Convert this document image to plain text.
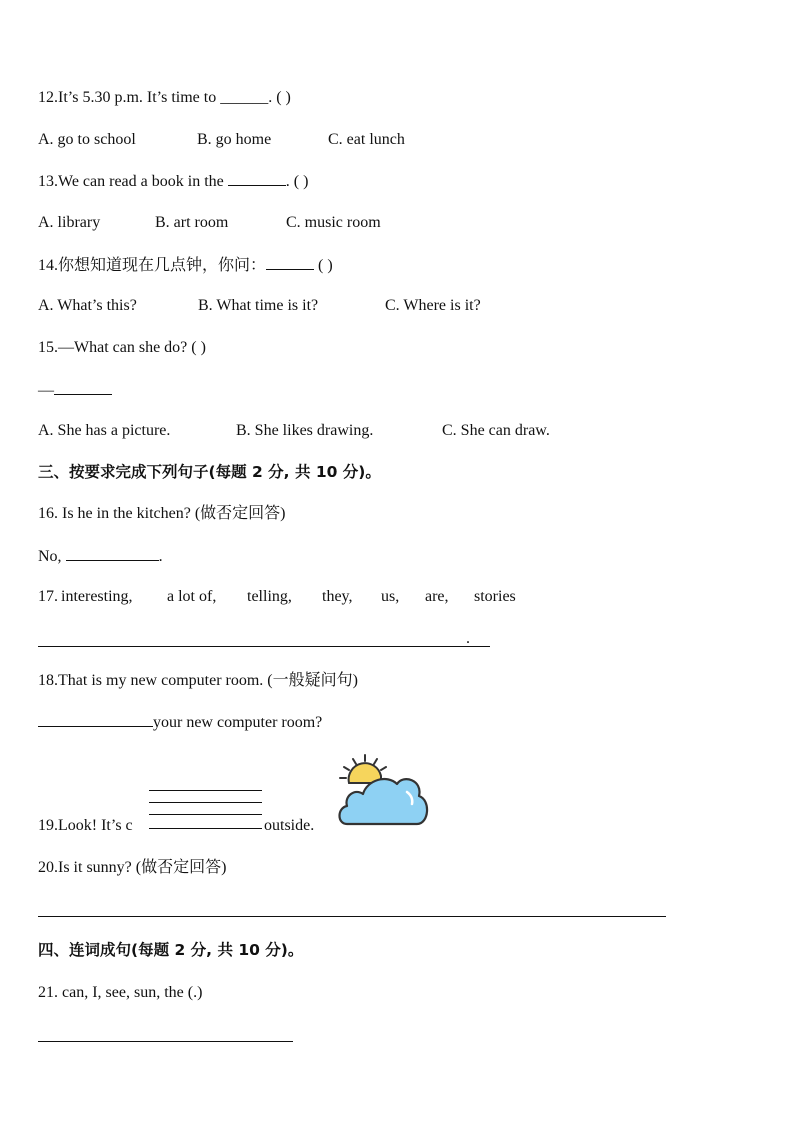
12.It’s 5.30 p.m. It’s time to ______. ( )
A. go to school	B. go home	C. eat lunch
13.We can read a book in the	. ( )
A. library	B. art room	C. music room
14.你想知道现在几点钟，你问：	( )
A. What’s this?	B. What time is it?	C. Where is it?
15.—What can she do? ( )
—
A. She has a picture.	B. She likes drawing.	C. She can draw.
三、按要求完成下列句子(每题 2 分, 共 10 分)。
16. Is he in the kitchen? (做否定回答)
No,	.
17. interesting, a lot of, telling, they, us, are, stories
.
18.That is my new computer room. (一般疑问句)
your new computer room?
19.Look! It’s c	outside.
20.Is it sunny? (做否定回答)
四、连词成句(每题 2 分, 共 10 分)。
21. can, I, see, sun, the (.)
